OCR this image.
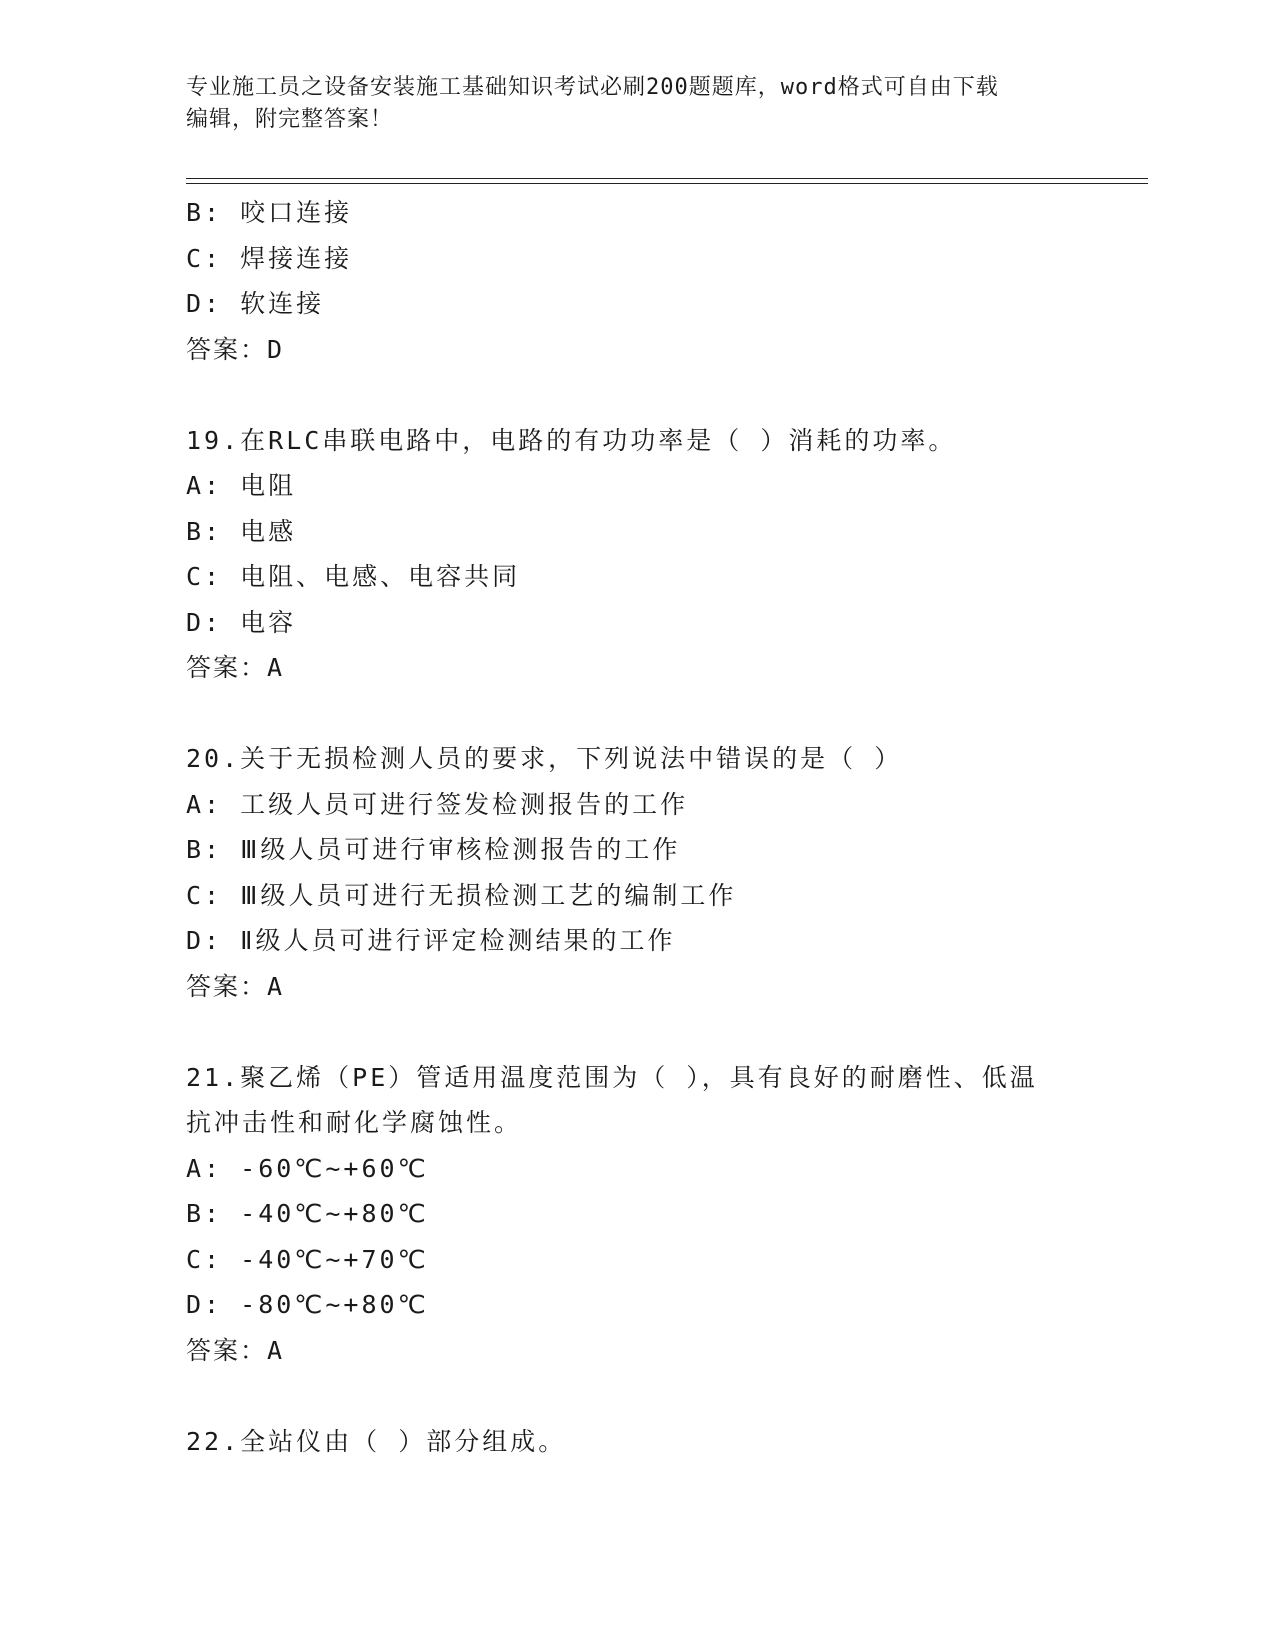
专业施工员之设备安装施工基础知识考试必刷200题题库，word格式可自由下载
编辑，附完整答案！
B: 咬口连接
C: 焊接连接
D: 软连接
答案：D
19.在RLC串联电路中，电路的有功功率是（ ）消耗的功率。
A: 电阻
B: 电感
C: 电阻、电感、电容共同
D: 电容
答案：A
20.关于无损检测人员的要求，下列说法中错误的是（ ）
A: 工级人员可进行签发检测报告的工作
B: Ⅲ级人员可进行审核检测报告的工作
C: Ⅲ级人员可进行无损检测工艺的编制工作
D: Ⅱ级人员可进行评定检测结果的工作
答案：A
21.聚乙烯（PE）管适用温度范围为（ ），具有良好的耐磨性、低温
抗冲击性和耐化学腐蚀性。
A: -60℃~+60℃
B: -40℃~+80℃
C: -40℃~+70℃
D: -80℃~+80℃
答案：A
22.全站仪由（ ）部分组成。
